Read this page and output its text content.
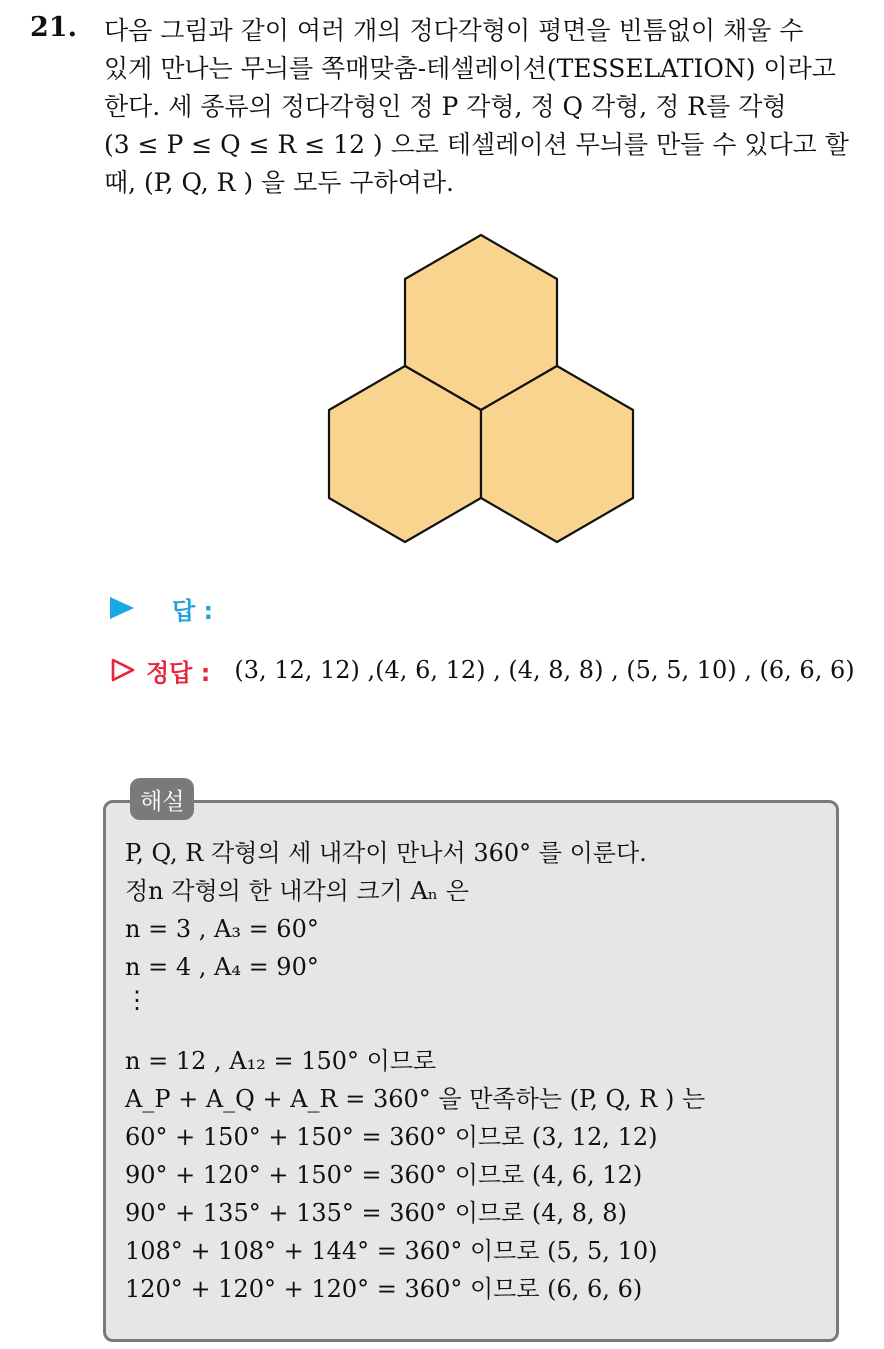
21. 다음 그림과 같이 여러 개의 정다각형이 평면을 빈틈없이 채울 수
있게 만나는 무늬를 쪽매맞춤-테셀레이션(TESSELATION) 이라고
한다. 세 종류의 정다각형인 정 P 각형, 정 Q 각형, 정 R를 각형
(3 ≤ P ≤ Q ≤ R ≤ 12 ) 으로 테셀레이션 무늬를 만들 수 있다고 할
때, (P, Q, R ) 을 모두 구하여라.
답 :
정답 : (3, 12, 12) ,(4, 6, 12) , (4, 8, 8) , (5, 5, 10) , (6, 6, 6)
해설
P, Q, R 각형의 세 내각이 만나서 360° 를 이룬다.
정n 각형의 한 내각의 크기 Aₙ 은
n = 3 , A₃ = 60°
n = 4 , A₄ = 90°
⋮
n = 12 , A₁₂ = 150° 이므로
A_P + A_Q + A_R = 360° 을 만족하는 (P, Q, R ) 는
60° + 150° + 150° = 360° 이므로 (3, 12, 12)
90° + 120° + 150° = 360° 이므로 (4, 6, 12)
90° + 135° + 135° = 360° 이므로 (4, 8, 8)
108° + 108° + 144° = 360° 이므로 (5, 5, 10)
120° + 120° + 120° = 360° 이므로 (6, 6, 6)
